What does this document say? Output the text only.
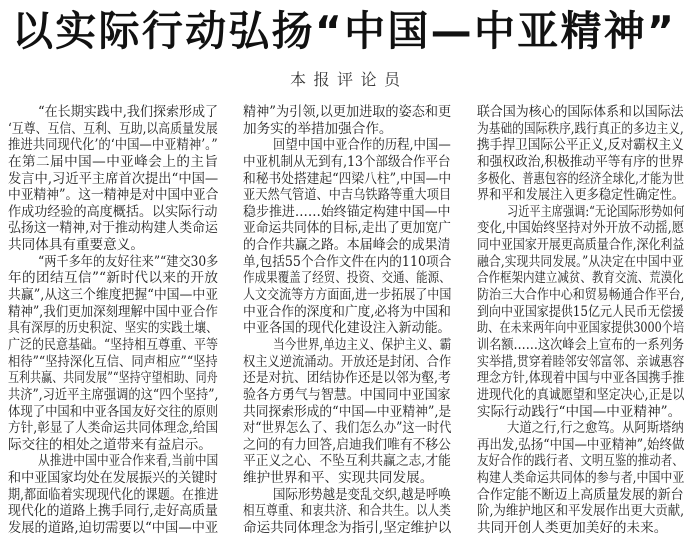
以实际行动弘扬“中国—中亚精神”
本报评论员
“在长期实践中,我们探索形成了
‘互尊、互信、互利、互助,以高质量发展
推进共同现代化’的‘中国—中亚精神’。”
在第二届中国—中亚峰会上的主旨
发言中,习近平主席首次提出“中国—
中亚精神”。这一精神是对中国中亚合
作成功经验的高度概括。以实际行动
弘扬这一精神,对于推动构建人类命运
共同体具有重要意义。
“两千多年的友好往来”“建交30多
年的团结互信”“新时代以来的开放
共赢”,从这三个维度把握“中国—中亚
精神”,我们更加深刻理解中国中亚合作
具有深厚的历史积淀、坚实的实践土壤、
广泛的民意基础。“坚持相互尊重、平等
相待”“坚持深化互信、同声相应”“坚持
互利共赢、共同发展”“坚持守望相助、同舟
共济”,习近平主席强调的这“四个坚持”,
体现了中国和中亚各国友好交往的原则
方针,彰显了人类命运共同体理念,给国
际交往的相处之道带来有益启示。
从推进中国中亚合作来看,当前中国
和中亚国家均处在发展振兴的关键时
期,都面临着实现现代化的课题。在推进
现代化的道路上携手同行,走好高质量
发展的道路,迫切需要以“中国—中亚
精神”为引领,以更加进取的姿态和更
加务实的举措加强合作。
回望中国中亚合作的历程,中国—
中亚机制从无到有,13个部级合作平台
和秘书处搭建起“四梁八柱”,中国—中
亚天然气管道、中吉乌铁路等重大项目
稳步推进……始终锚定构建中国—中
亚命运共同体的目标,走出了更加宽广
的合作共赢之路。本届峰会的成果清
单,包括55个合作文件在内的110项合
作成果覆盖了经贸、投资、交通、能源、
人文交流等方方面面,进一步拓展了中国
中亚合作的深度和广度,必将为中国和
中亚各国的现代化建设注入新动能。
当今世界,单边主义、保护主义、霸
权主义逆流涌动。开放还是封闭、合作
还是对抗、团结协作还是以邻为壑,考
验各方勇气与智慧。中国同中亚国家
共同探索形成的“中国—中亚精神”,是
对“世界怎么了、我们怎么办”这一时代
之问的有力回答,启迪我们唯有不移公
平正义之心、不坠互利共赢之志,才能
维护世界和平、实现共同发展。
国际形势越是变乱交织,越是呼唤
相互尊重、和衷共济、和合共生。以人类
命运共同体理念为指引,坚定维护以
联合国为核心的国际体系和以国际法
为基础的国际秩序,践行真正的多边主义,
携手捍卫国际公平正义,反对霸权主义
和强权政治,积极推动平等有序的世界
多极化、普惠包容的经济全球化,才能为世
界和平和发展注入更多稳定性确定性。
习近平主席强调:“无论国际形势如何
变化,中国始终坚持对外开放不动摇,愿
同中亚国家开展更高质量合作,深化利益
融合,实现共同发展。”从决定在中国中亚
合作框架内建立减贫、教育交流、荒漠化
防治三大合作中心和贸易畅通合作平台,
到向中亚国家提供15亿元人民币无偿援
助、在未来两年向中亚国家提供3000个培
训名额……这次峰会上宣布的一系列务
实举措,贯穿着睦邻安邻富邻、亲诚惠容
理念方针,体现着中国与中亚各国携手推
进现代化的真诚愿望和坚定决心,正是以
实际行动践行“中国—中亚精神”。
大道之行,行之愈笃。从阿斯塔纳
再出发,弘扬“中国—中亚精神”,始终做
友好合作的践行者、文明互鉴的推动者、
构建人类命运共同体的参与者,中国中亚
合作定能不断迈上高质量发展的新台
阶,为维护地区和平发展作出更大贡献,
共同开创人类更加美好的未来。
